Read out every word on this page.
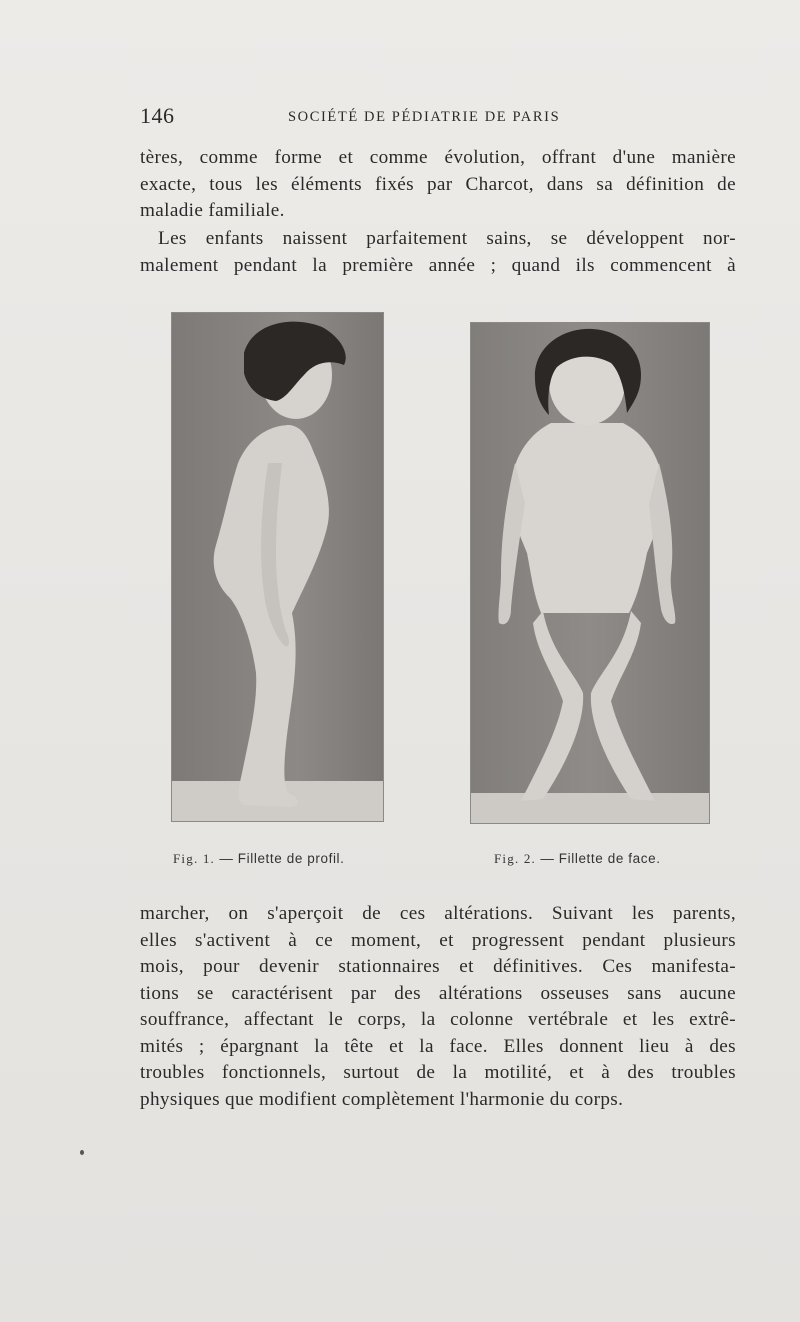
146	SOCIÉTÉ DE PÉDIATRIE DE PARIS

tères, comme forme et comme évolution, offrant d'une manière
exacte, tous les éléments fixés par Charcot, dans sa définition de
maladie familiale.

Les enfants naissent parfaitement sains, se développent nor-
malement pendant la première année ; quand ils commencent à

Fig. 1. — Fillette de profil.	Fig. 2. — Fillette de face.

marcher, on s'aperçoit de ces altérations. Suivant les parents,
elles s'activent à ce moment, et progressent pendant plusieurs
mois, pour devenir stationnaires et définitives. Ces manifesta-
tions se caractérisent par des altérations osseuses sans aucune
souffrance, affectant le corps, la colonne vertébrale et les extrê-
mités ; épargnant la tête et la face. Elles donnent lieu à des
troubles fonctionnels, surtout de la motilité, et à des troubles
physiques que modifient complètement l'harmonie du corps.
